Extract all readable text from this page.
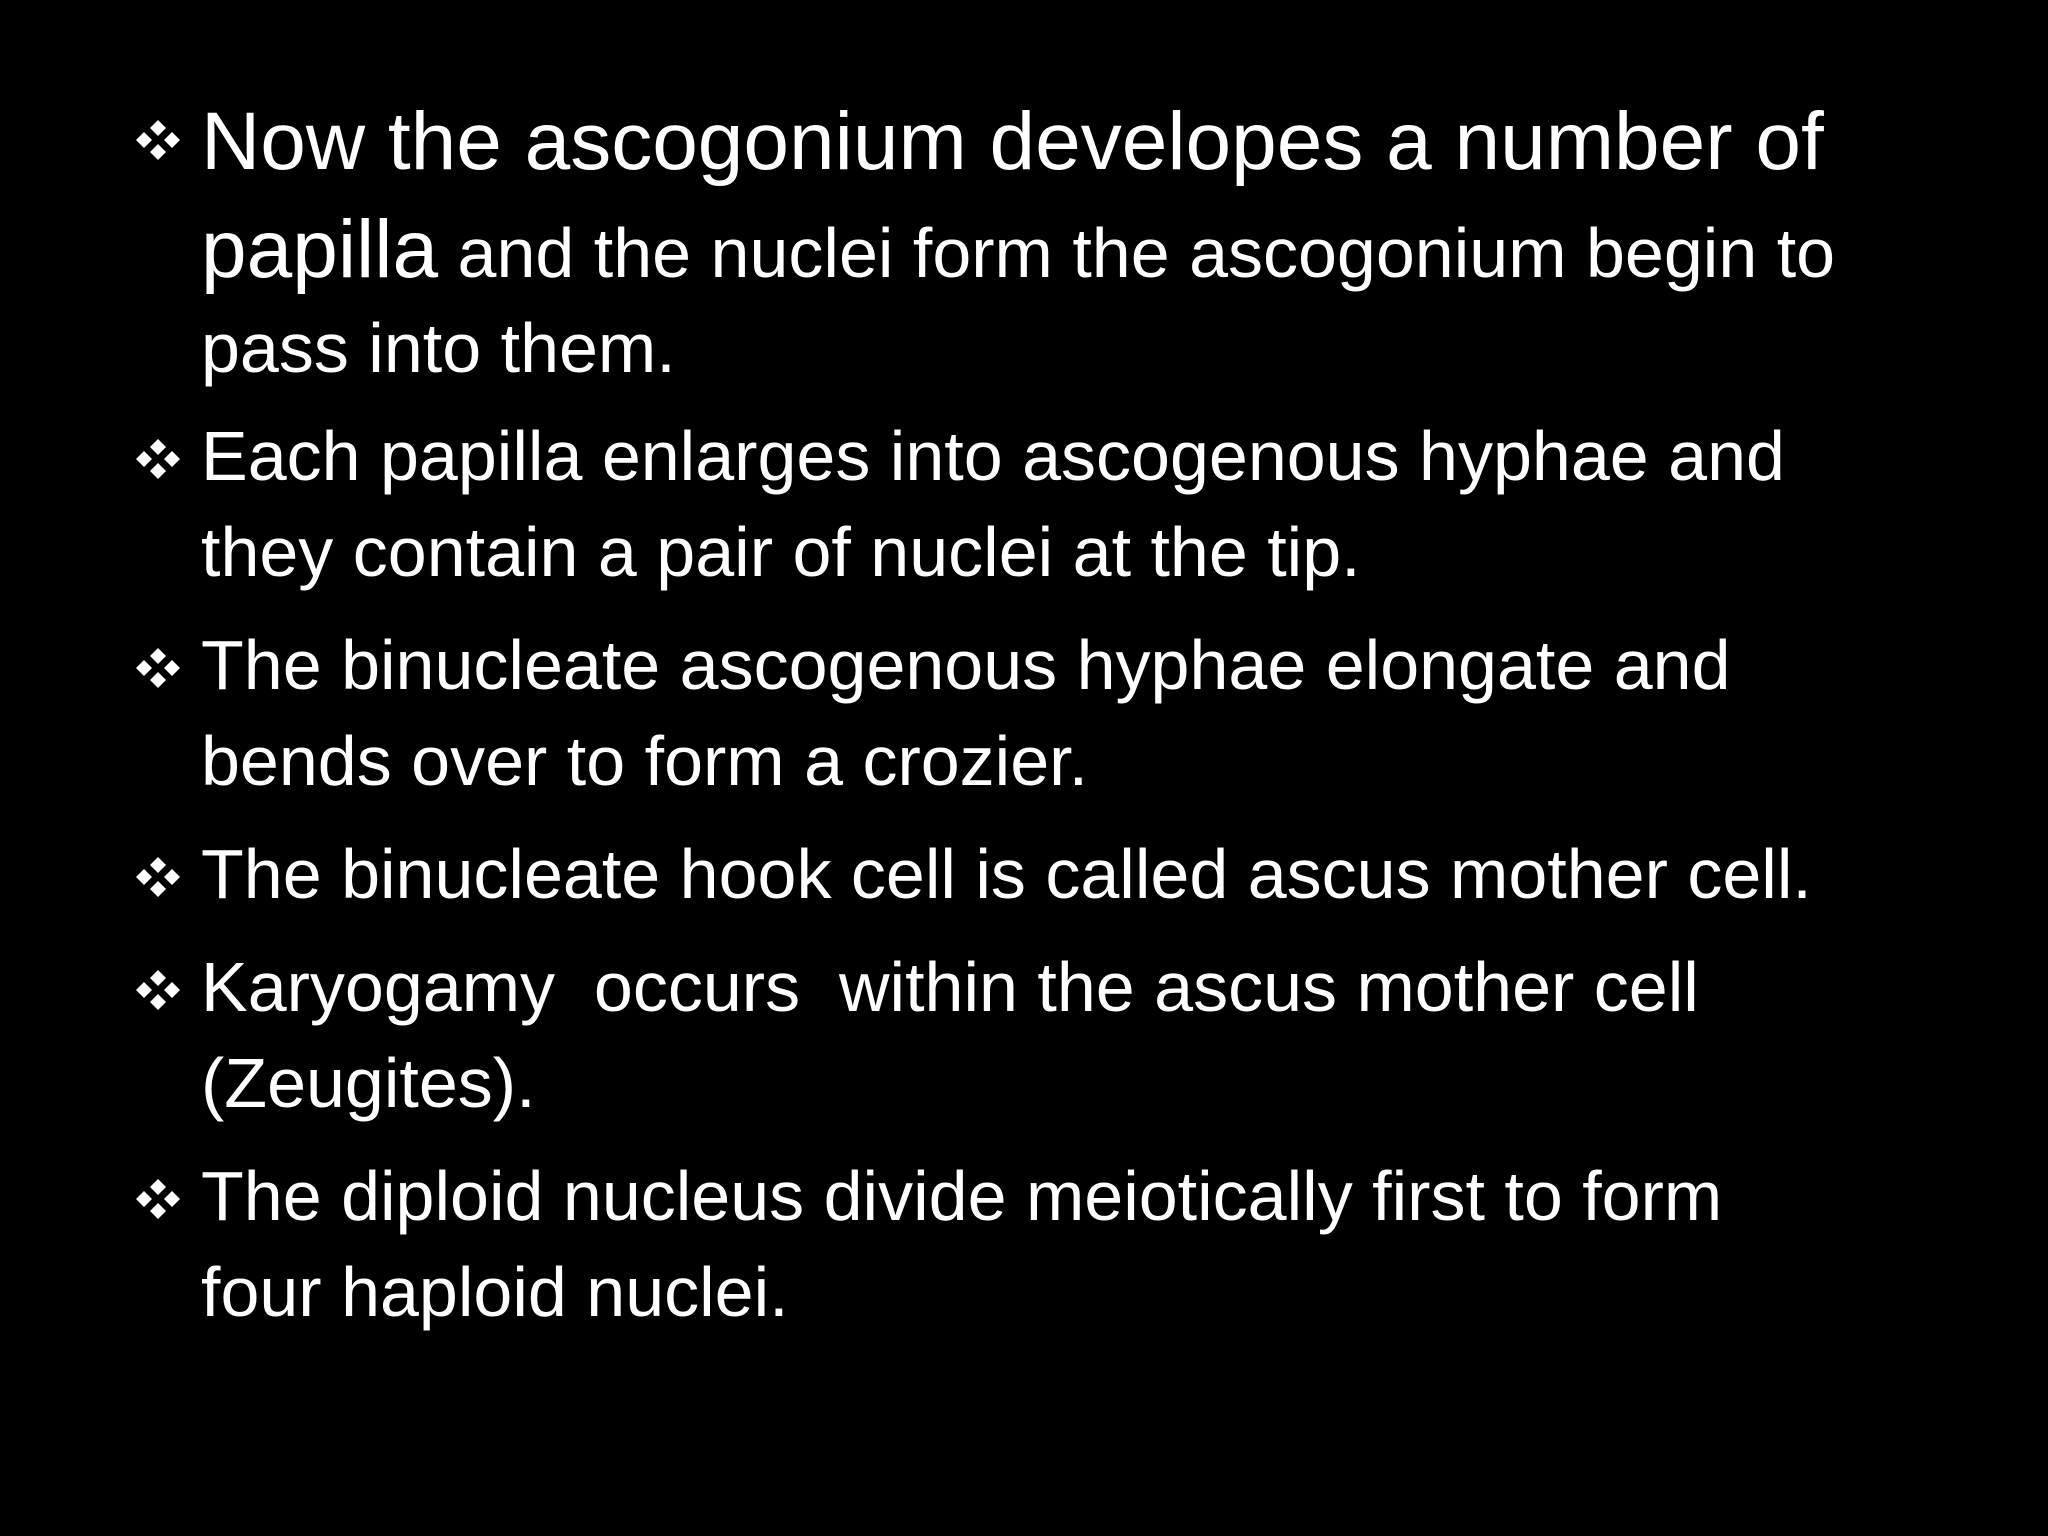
Now the ascogonium developes a number of
papilla and the nuclei form the ascogonium begin to
pass into them.
Each papilla enlarges into ascogenous hyphae and
they contain a pair of nuclei at the tip.
The binucleate ascogenous hyphae elongate and
bends over to form a crozier.
The binucleate hook cell is called ascus mother cell.
Karyogamy  occurs  within the ascus mother cell
(Zeugites).
The diploid nucleus divide meiotically first to form
four haploid nuclei.
